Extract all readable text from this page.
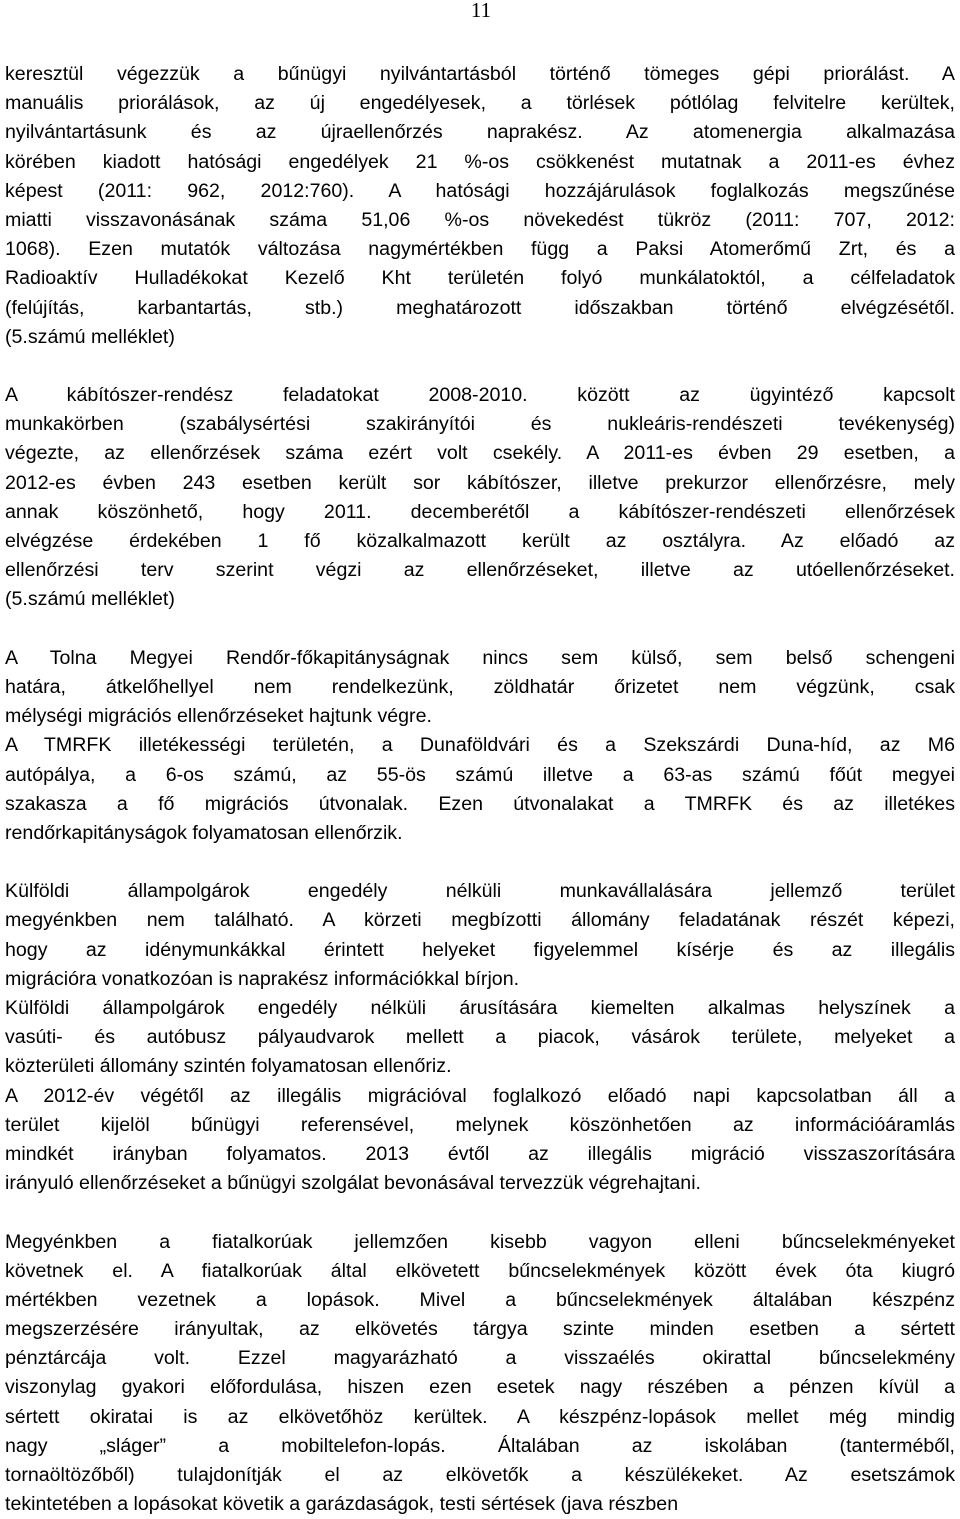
11
keresztül végezzük a bűnügyi nyilvántartásból történő tömeges gépi priorálást. A
manuális priorálások, az új engedélyesek, a törlések pótlólag felvitelre kerültek,
nyilvántartásunk és az újraellenőrzés naprakész. Az atomenergia alkalmazása
körében kiadott hatósági engedélyek 21 %-os csökkenést mutatnak a 2011-es évhez
képest (2011: 962, 2012:760). A hatósági hozzájárulások foglalkozás megszűnése
miatti visszavonásának száma 51,06 %-os növekedést tükröz (2011: 707, 2012:
1068). Ezen mutatók változása nagymértékben függ a Paksi Atomerőmű Zrt, és a
Radioaktív Hulladékokat Kezelő Kht területén folyó munkálatoktól, a célfeladatok
(felújítás, karbantartás, stb.) meghatározott időszakban történő elvégzésétől.
(5.számú melléklet)
A kábítószer-rendész feladatokat 2008-2010. között az ügyintéző kapcsolt
munkakörben (szabálysértési szakirányítói és nukleáris-rendészeti tevékenység)
végezte, az ellenőrzések száma ezért volt csekély. A 2011-es évben 29 esetben, a
2012-es évben 243 esetben került sor kábítószer, illetve prekurzor ellenőrzésre, mely
annak köszönhető, hogy 2011. decemberétől a kábítószer-rendészeti ellenőrzések
elvégzése érdekében 1 fő közalkalmazott került az osztályra. Az előadó az
ellenőrzési terv szerint végzi az ellenőrzéseket, illetve az utóellenőrzéseket.
(5.számú melléklet)
A Tolna Megyei Rendőr-főkapitányságnak nincs sem külső, sem belső schengeni
határa, átkelőhellyel nem rendelkezünk, zöldhatár őrizetet nem végzünk, csak
mélységi migrációs ellenőrzéseket hajtunk végre.
A TMRFK illetékességi területén, a Dunaföldvári és a Szekszárdi Duna-híd, az M6
autópálya, a 6-os számú, az 55-ös számú illetve a 63-as számú főút megyei
szakasza a fő migrációs útvonalak. Ezen útvonalakat a TMRFK és az illetékes
rendőrkapitányságok folyamatosan ellenőrzik.
Külföldi állampolgárok engedély nélküli munkavállalására jellemző terület
megyénkben nem található. A körzeti megbízotti állomány feladatának részét képezi,
hogy az idénymunkákkal érintett helyeket figyelemmel kísérje és az illegális
migrációra vonatkozóan is naprakész információkkal bírjon.
Külföldi állampolgárok engedély nélküli árusítására kiemelten alkalmas helyszínek a
vasúti- és autóbusz pályaudvarok mellett a piacok, vásárok területe, melyeket a
közterületi állomány szintén folyamatosan ellenőriz.
A 2012-év végétől az illegális migrációval foglalkozó előadó napi kapcsolatban áll a
terület kijelöl bűnügyi referensével, melynek köszönhetően az információáramlás
mindkét irányban folyamatos. 2013 évtől az illegális migráció visszaszorítására
irányuló ellenőrzéseket a bűnügyi szolgálat bevonásával tervezzük végrehajtani.
Megyénkben a fiatalkorúak jellemzően kisebb vagyon elleni bűncselekményeket
követnek el. A fiatalkorúak által elkövetett bűncselekmények között évek óta kiugró
mértékben vezetnek a lopások. Mivel a bűncselekmények általában készpénz
megszerzésére irányultak, az elkövetés tárgya szinte minden esetben a sértett
pénztárcája volt. Ezzel magyarázható a visszaélés okirattal bűncselekmény
viszonylag gyakori előfordulása, hiszen ezen esetek nagy részében a pénzen kívül a
sértett okiratai is az elkövetőhöz kerültek. A készpénz-lopások mellet még mindig
nagy „sláger” a mobiltelefon-lopás. Általában az iskolában (tanterméből,
tornaöltözőből) tulajdonítják el az elkövetők a készülékeket. Az esetszámok
tekintetében a lopásokat követik a garázdaságok, testi sértések (java részben
